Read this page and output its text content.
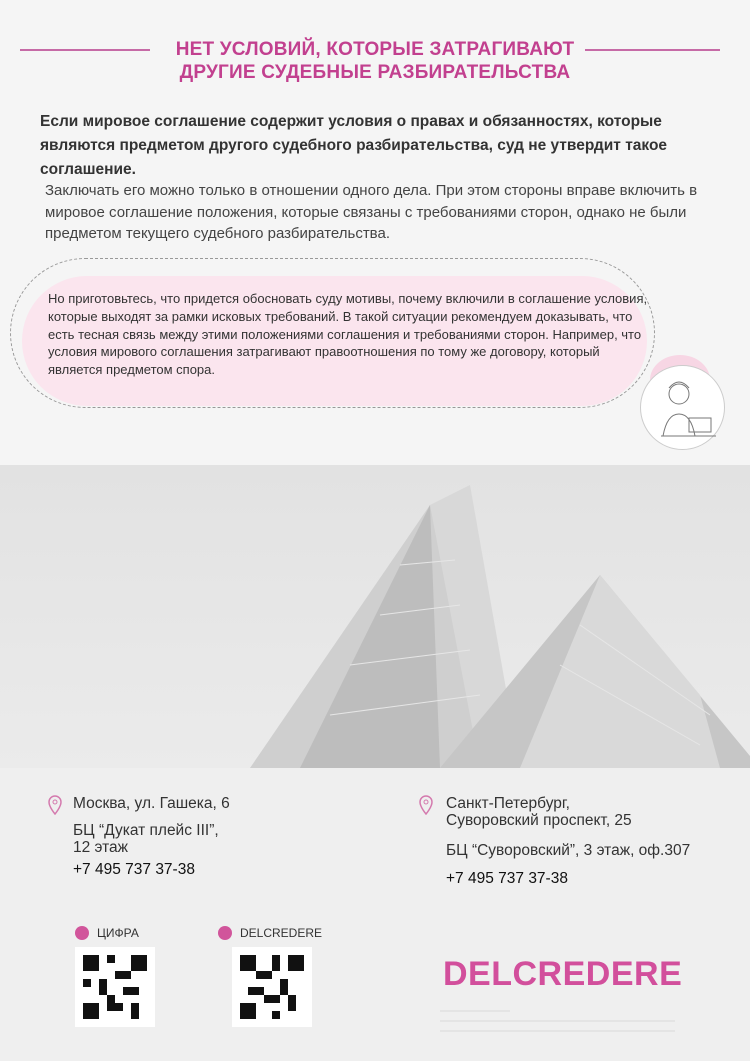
НЕТ УСЛОВИЙ, КОТОРЫЕ ЗАТРАГИВАЮТ
ДРУГИЕ СУДЕБНЫЕ РАЗБИРАТЕЛЬСТВА
Если мировое соглашение содержит условия о правах и обязанностях, которые являются предметом другого судебного разбирательства, суд не утвердит такое соглашение.
Заключать его можно только в отношении одного дела. При этом стороны вправе включить в мировое соглашение положения, которые связаны с требованиями сторон, однако не были предметом текущего судебного разбирательства.
Но приготовьтесь, что придется обосновать суду мотивы, почему включили в соглашение условия, которые выходят за рамки исковых требований. В такой ситуации рекомендуем доказывать, что есть тесная связь между этими положениями соглашения и требованиями сторон. Например, что условия мирового соглашения затрагивают правоотношения по тому же договору, который является предметом спора.
Москва, ул. Гашека, 6
БЦ “Дукат плейс III”,
12 этаж
+7 495 737 37-38
Санкт-Петербург,
Суворовский проспект, 25
БЦ “Суворовский”, 3 этаж, оф.307
+7 495 737 37-38
ЦИФРА	DELCREDERE
DELCREDERE
